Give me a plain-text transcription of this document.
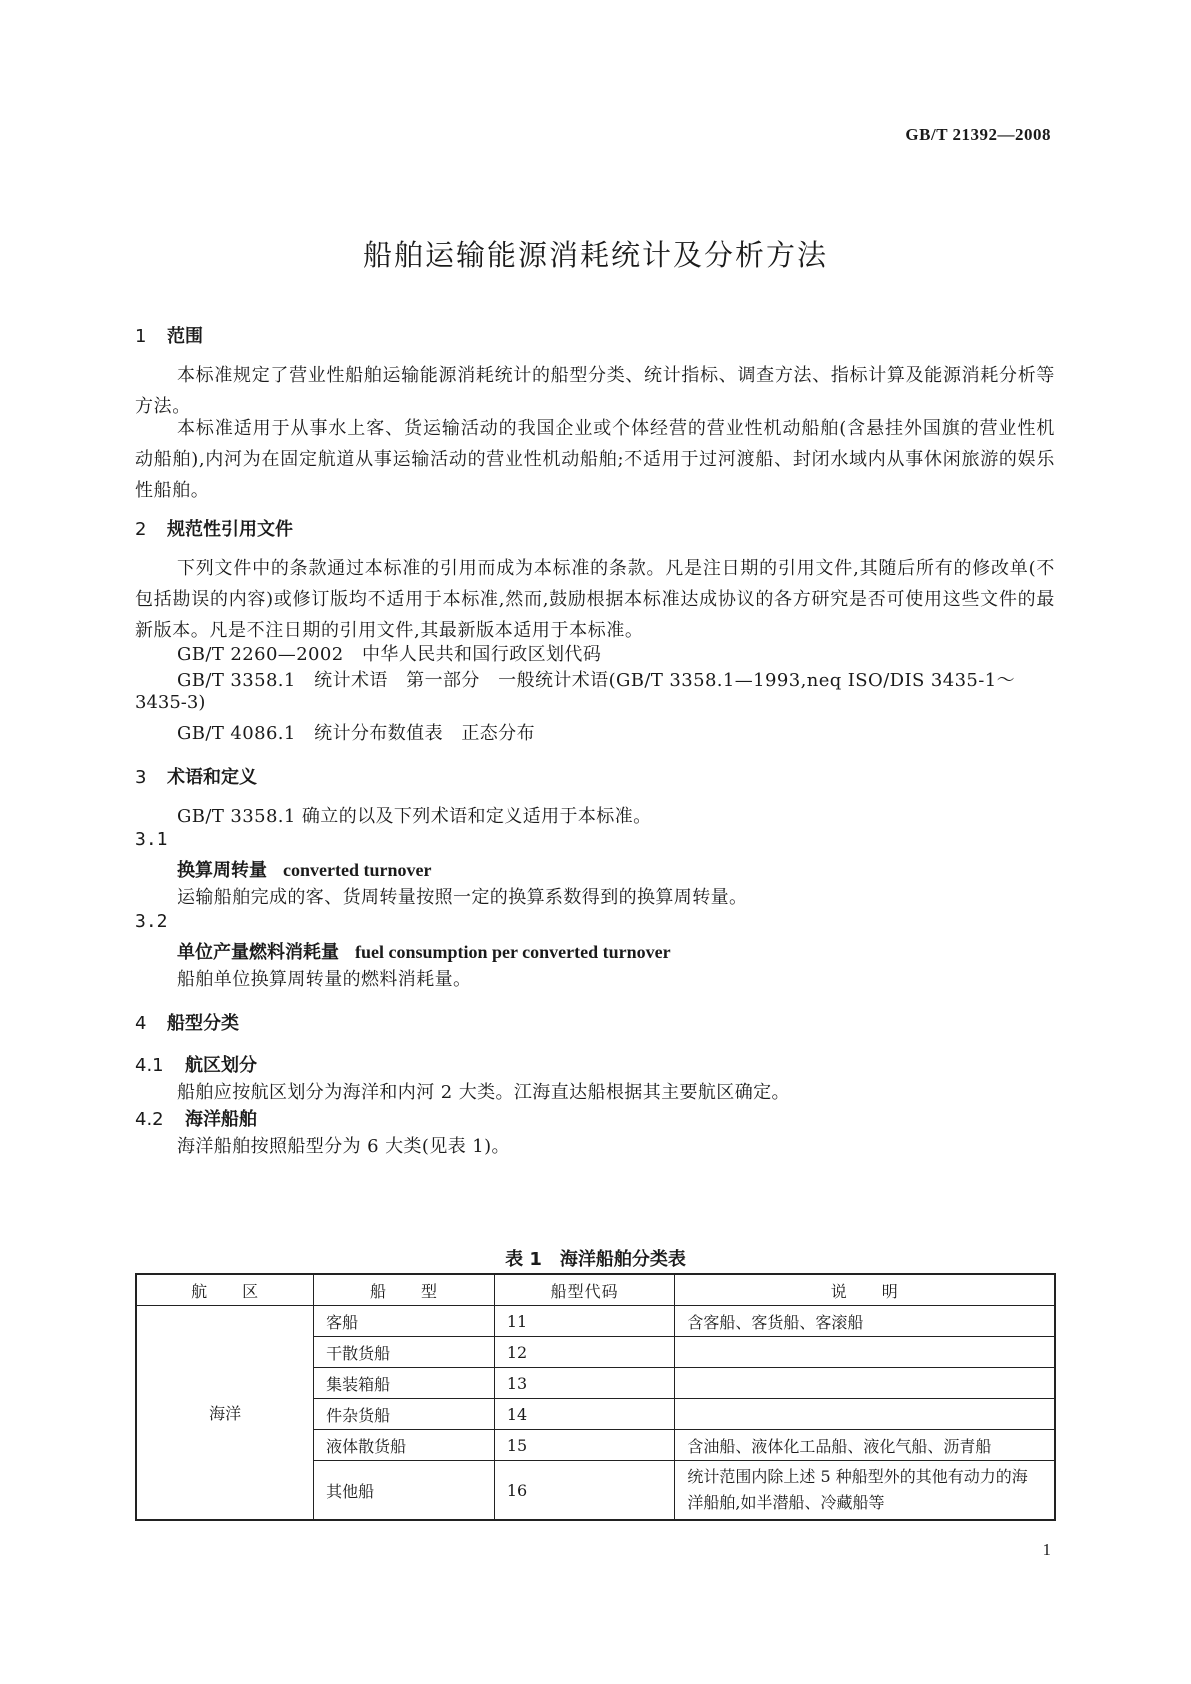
GB/T 21392—2008
船舶运输能源消耗统计及分析方法
1 范围
本标准规定了营业性船舶运输能源消耗统计的船型分类、统计指标、调查方法、指标计算及能源消耗分析等方法。
本标准适用于从事水上客、货运输活动的我国企业或个体经营的营业性机动船舶(含悬挂外国旗的营业性机动船舶),内河为在固定航道从事运输活动的营业性机动船舶;不适用于过河渡船、封闭水域内从事休闲旅游的娱乐性船舶。
2 规范性引用文件
下列文件中的条款通过本标准的引用而成为本标准的条款。凡是注日期的引用文件,其随后所有的修改单(不包括勘误的内容)或修订版均不适用于本标准,然而,鼓励根据本标准达成协议的各方研究是否可使用这些文件的最新版本。凡是不注日期的引用文件,其最新版本适用于本标准。
GB/T 2260—2002　中华人民共和国行政区划代码
GB/T 3358.1　统计术语　第一部分　一般统计术语(GB/T 3358.1—1993,neq ISO/DIS 3435-1～
3435-3)
GB/T 4086.1　统计分布数值表　正态分布
3 术语和定义
GB/T 3358.1 确立的以及下列术语和定义适用于本标准。
3.1
换算周转量 converted turnover
运输船舶完成的客、货周转量按照一定的换算系数得到的换算周转量。
3.2
单位产量燃料消耗量 fuel consumption per converted turnover
船舶单位换算周转量的燃料消耗量。
4 船型分类
4.1 航区划分
船舶应按航区划分为海洋和内河 2 大类。江海直达船根据其主要航区确定。
4.2 海洋船舶
海洋船舶按照船型分为 6 大类(见表 1)。
表 1　海洋船舶分类表
航　　区	船　　型	船型代码	说　　明
海洋	客船	11	含客船、客货船、客滚船
	干散货船	12	
	集装箱船	13	
	件杂货船	14	
	液体散货船	15	含油船、液体化工品船、液化气船、沥青船
	其他船	16	统计范围内除上述 5 种船型外的其他有动力的海洋船舶,如半潜船、冷藏船等
1
